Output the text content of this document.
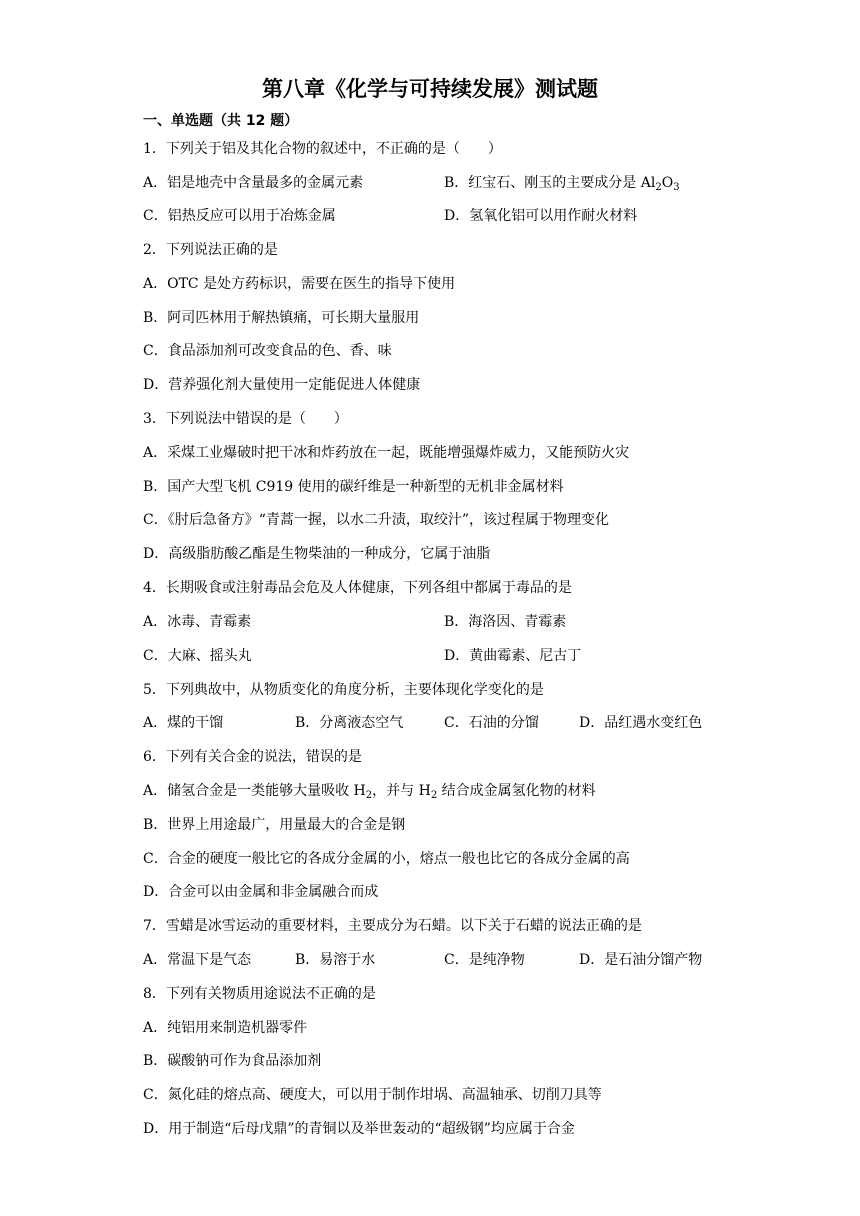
第八章《化学与可持续发展》测试题
一、单选题（共 12 题）
1．下列关于铝及其化合物的叙述中，不正确的是（　　）
A．铝是地壳中含量最多的金属元素	B．红宝石、刚玉的主要成分是 $Al_2O_3$
C．铝热反应可以用于冶炼金属	D．氢氧化铝可以用作耐火材料
2．下列说法正确的是
A．OTC 是处方药标识，需要在医生的指导下使用
B．阿司匹林用于解热镇痛，可长期大量服用
C．食品添加剂可改变食品的色、香、味
D．营养强化剂大量使用一定能促进人体健康
3．下列说法中错误的是（　　）
A．采煤工业爆破时把干冰和炸药放在一起，既能增强爆炸威力，又能预防火灾
B．国产大型飞机 C919 使用的碳纤维是一种新型的无机非金属材料
C．《肘后急备方》“青蒿一握，以水二升渍，取绞汁”，该过程属于物理变化
D．高级脂肪酸乙酯是生物柴油的一种成分，它属于油脂
4．长期吸食或注射毒品会危及人体健康，下列各组中都属于毒品的是
A．冰毒、青霉素	B．海洛因、青霉素
C．大麻、摇头丸	D．黄曲霉素、尼古丁
5．下列典故中，从物质变化的角度分析，主要体现化学变化的是
A．煤的干馏	B．分离液态空气	C．石油的分馏	D．品红遇水变红色
6．下列有关合金的说法，错误的是
A．储氢合金是一类能够大量吸收 $H_2$，并与 $H_2$ 结合成金属氢化物的材料
B．世界上用途最广，用量最大的合金是钢
C．合金的硬度一般比它的各成分金属的小，熔点一般也比它的各成分金属的高
D．合金可以由金属和非金属融合而成
7．雪蜡是冰雪运动的重要材料，主要成分为石蜡。以下关于石蜡的说法正确的是
A．常温下是气态	B．易溶于水	C．是纯净物	D．是石油分馏产物
8．下列有关物质用途说法不正确的是
A．纯铝用来制造机器零件
B．碳酸钠可作为食品添加剂
C．氮化硅的熔点高、硬度大，可以用于制作坩埚、高温轴承、切削刀具等
D．用于制造“后母戊鼎”的青铜以及举世轰动的“超级钢”均应属于合金
